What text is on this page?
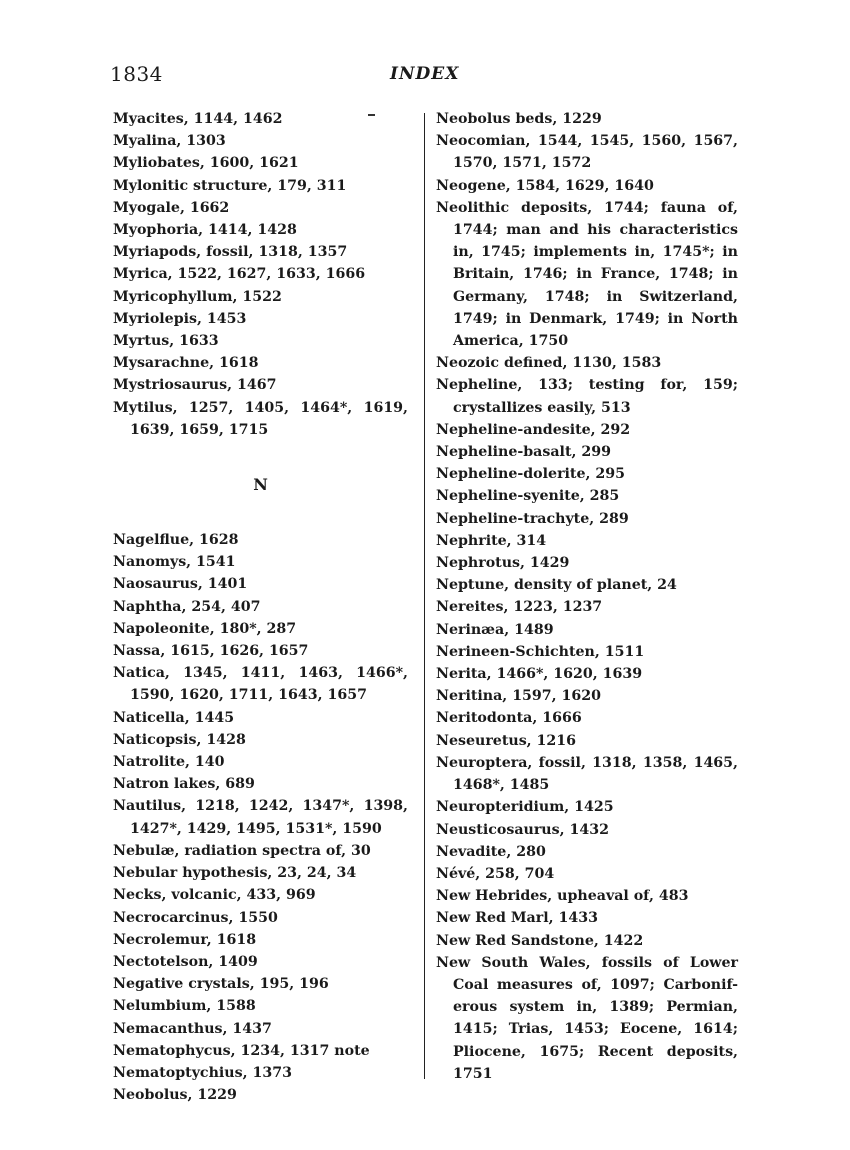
1834	INDEX
Myacites, 1144, 1462
Myalina, 1303
Myliobates, 1600, 1621
Mylonitic structure, 179, 311
Myogale, 1662
Myophoria, 1414, 1428
Myriapods, fossil, 1318, 1357
Myrica, 1522, 1627, 1633, 1666
Myricophyllum, 1522
Myriolepis, 1453
Myrtus, 1633
Mysarachne, 1618
Mystriosaurus, 1467
Mytilus, 1257, 1405, 1464*, 1619,
1639, 1659, 1715
N
Nagelflue, 1628
Nanomys, 1541
Naosaurus, 1401
Naphtha, 254, 407
Napoleonite, 180*, 287
Nassa, 1615, 1626, 1657
Natica, 1345, 1411, 1463, 1466*,
1590, 1620, 1711, 1643, 1657
Naticella, 1445
Naticopsis, 1428
Natrolite, 140
Natron lakes, 689
Nautilus, 1218, 1242, 1347*, 1398,
1427*, 1429, 1495, 1531*, 1590
Nebulæ, radiation spectra of, 30
Nebular hypothesis, 23, 24, 34
Necks, volcanic, 433, 969
Necrocarcinus, 1550
Necrolemur, 1618
Nectotelson, 1409
Negative crystals, 195, 196
Nelumbium, 1588
Nemacanthus, 1437
Nematophycus, 1234, 1317 note
Nematoptychius, 1373
Neobolus, 1229
Neobolus beds, 1229
Neocomian, 1544, 1545, 1560, 1567,
1570, 1571, 1572
Neogene, 1584, 1629, 1640
Neolithic deposits, 1744; fauna of,
1744; man and his characteristics
in, 1745; implements in, 1745*; in
Britain, 1746; in France, 1748; in
Germany, 1748; in Switzerland,
1749; in Denmark, 1749; in North
America, 1750
Neozoic defined, 1130, 1583
Nepheline, 133; testing for, 159;
crystallizes easily, 513
Nepheline-andesite, 292
Nepheline-basalt, 299
Nepheline-dolerite, 295
Nepheline-syenite, 285
Nepheline-trachyte, 289
Nephrite, 314
Nephrotus, 1429
Neptune, density of planet, 24
Nereites, 1223, 1237
Nerinæa, 1489
Nerineen-Schichten, 1511
Nerita, 1466*, 1620, 1639
Neritina, 1597, 1620
Neritodonta, 1666
Neseuretus, 1216
Neuroptera, fossil, 1318, 1358, 1465,
1468*, 1485
Neuropteridium, 1425
Neusticosaurus, 1432
Nevadite, 280
Névé, 258, 704
New Hebrides, upheaval of, 483
New Red Marl, 1433
New Red Sandstone, 1422
New South Wales, fossils of Lower
Coal measures of, 1097; Carbonif-
erous system in, 1389; Permian,
1415; Trias, 1453; Eocene, 1614;
Pliocene, 1675; Recent deposits,
1751
